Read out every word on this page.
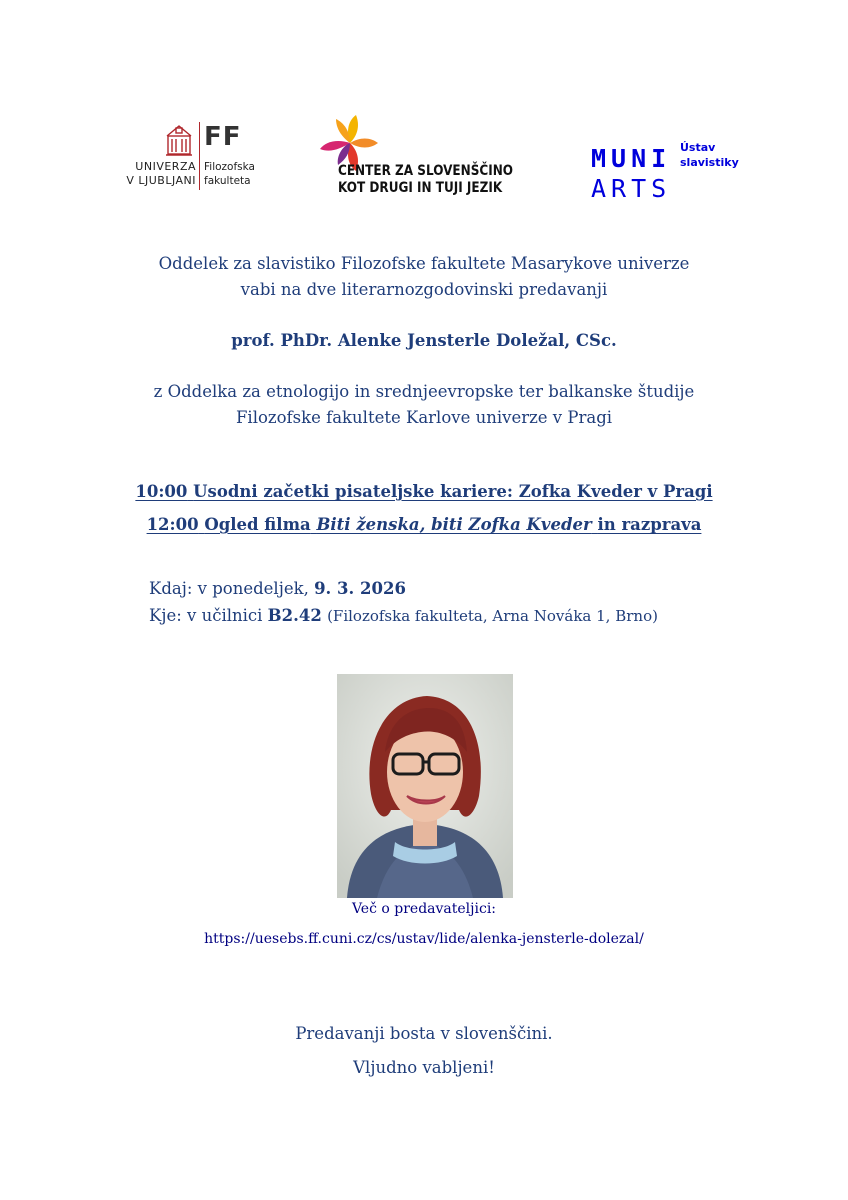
FF
UNIVERZA
V LJUBLJANI
Filozofska
fakulteta
CENTER ZA SLOVENŠČINO
KOT DRUGI IN TUJI JEZIK
MUNI
ARTS
Ústav
slavistiky
Oddelek za slavistiko Filozofske fakultete Masarykove univerze
vabi na dve literarnozgodovinski predavanji
prof. PhDr. Alenke Jensterle Doležal, CSc.
z Oddelka za etnologijo in srednjeevropske ter balkanske študije
Filozofske fakultete Karlove univerze v Pragi
10:00 Usodni začetki pisateljske kariere: Zofka Kveder v Pragi
12:00 Ogled filma Biti ženska, biti Zofka Kveder in razprava
Kdaj: v ponedeljek, 9. 3. 2026
Kje: v učilnici B2.42 (Filozofska fakulteta, Arna Nováka 1, Brno)
Več o predavateljici:
https://uesebs.ff.cuni.cz/cs/ustav/lide/alenka-jensterle-dolezal/
Predavanji bosta v slovenščini.
Vljudno vabljeni!
